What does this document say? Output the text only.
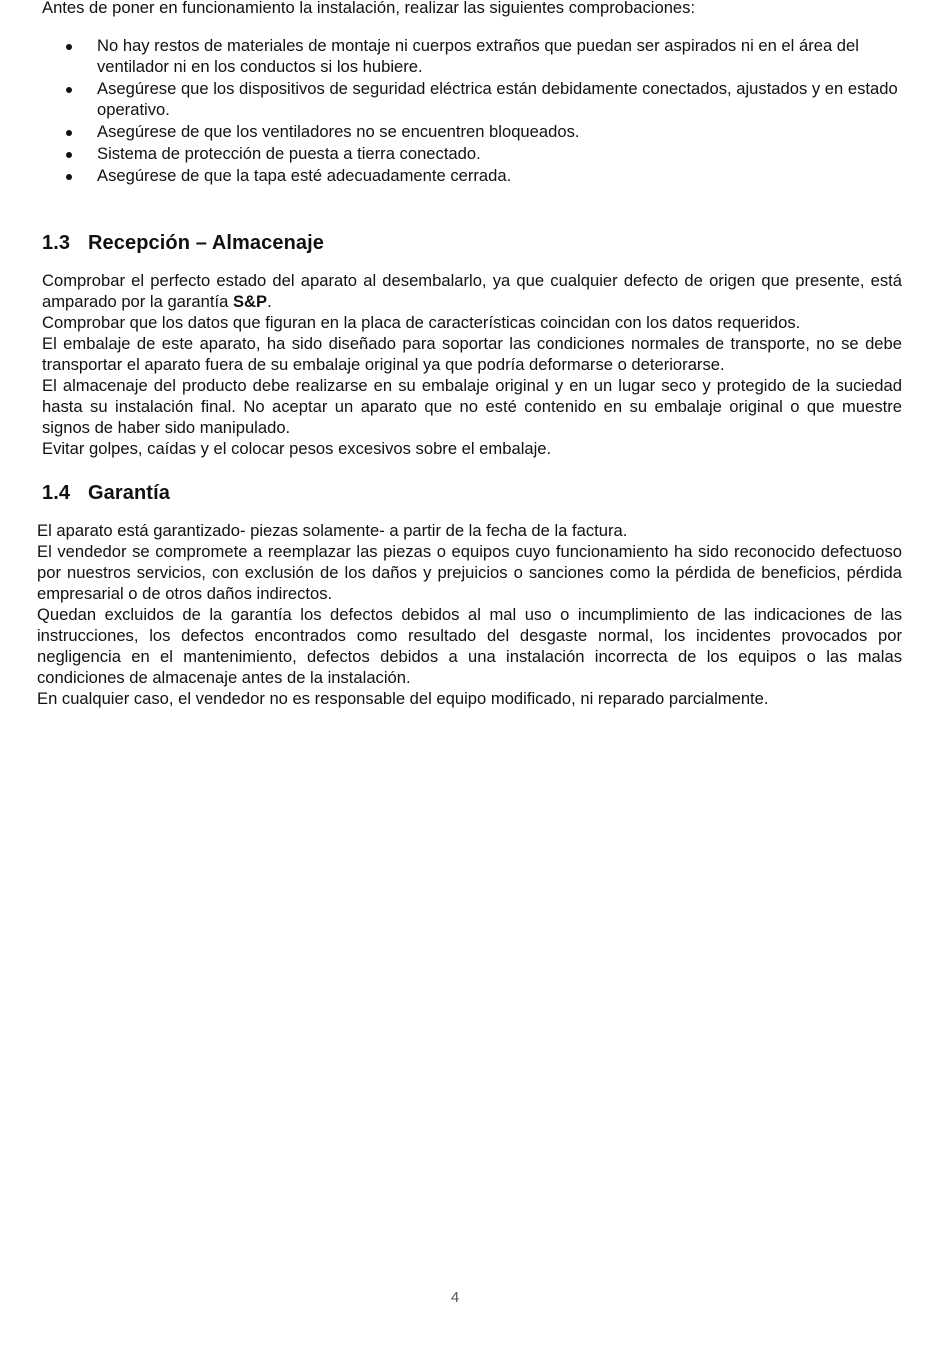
Antes de poner en funcionamiento la instalación, realizar las siguientes comprobaciones:

No hay restos de materiales de montaje ni cuerpos extraños que puedan ser aspirados ni en el área del ventilador ni en los conductos si los hubiere.
Asegúrese que los dispositivos de seguridad eléctrica están debidamente conectados, ajustados y en estado operativo.
Asegúrese de que los ventiladores no se encuentren bloqueados.
Sistema de protección de puesta a tierra conectado.
Asegúrese de que la tapa esté adecuadamente cerrada.
1.3 Recepción – Almacenaje

Comprobar el perfecto estado del aparato al desembalarlo, ya que cualquier defecto de origen que presente, está amparado por la garantía S&P.

Comprobar que los datos que figuran en la placa de características coincidan con los datos requeridos.

El embalaje de este aparato, ha sido diseñado para soportar las condiciones normales de transporte, no se debe transportar el aparato fuera de su embalaje original ya que podría deformarse o deteriorarse.

El almacenaje del producto debe realizarse en su embalaje original y en un lugar seco y protegido de la suciedad hasta su instalación final. No aceptar un aparato que no esté contenido en su embalaje original o que muestre signos de haber sido manipulado.

Evitar golpes, caídas y el colocar pesos excesivos sobre el embalaje.

1.4 Garantía

El aparato está garantizado- piezas solamente- a partir de la fecha de la factura.

El vendedor se compromete a reemplazar las piezas o equipos cuyo funcionamiento ha sido reconocido defectuoso por nuestros servicios, con exclusión de los daños y prejuicios o sanciones como la pérdida de beneficios, pérdida empresarial o de otros daños indirectos.

Quedan excluidos de la garantía los defectos debidos al mal uso o incumplimiento de las indicaciones de las instrucciones, los defectos encontrados como resultado del desgaste normal, los incidentes provocados por negligencia en el mantenimiento, defectos debidos a una instalación incorrecta de los equipos o las malas condiciones de almacenaje antes de la instalación.

En cualquier caso, el vendedor no es responsable del equipo modificado, ni reparado parcialmente.

4
